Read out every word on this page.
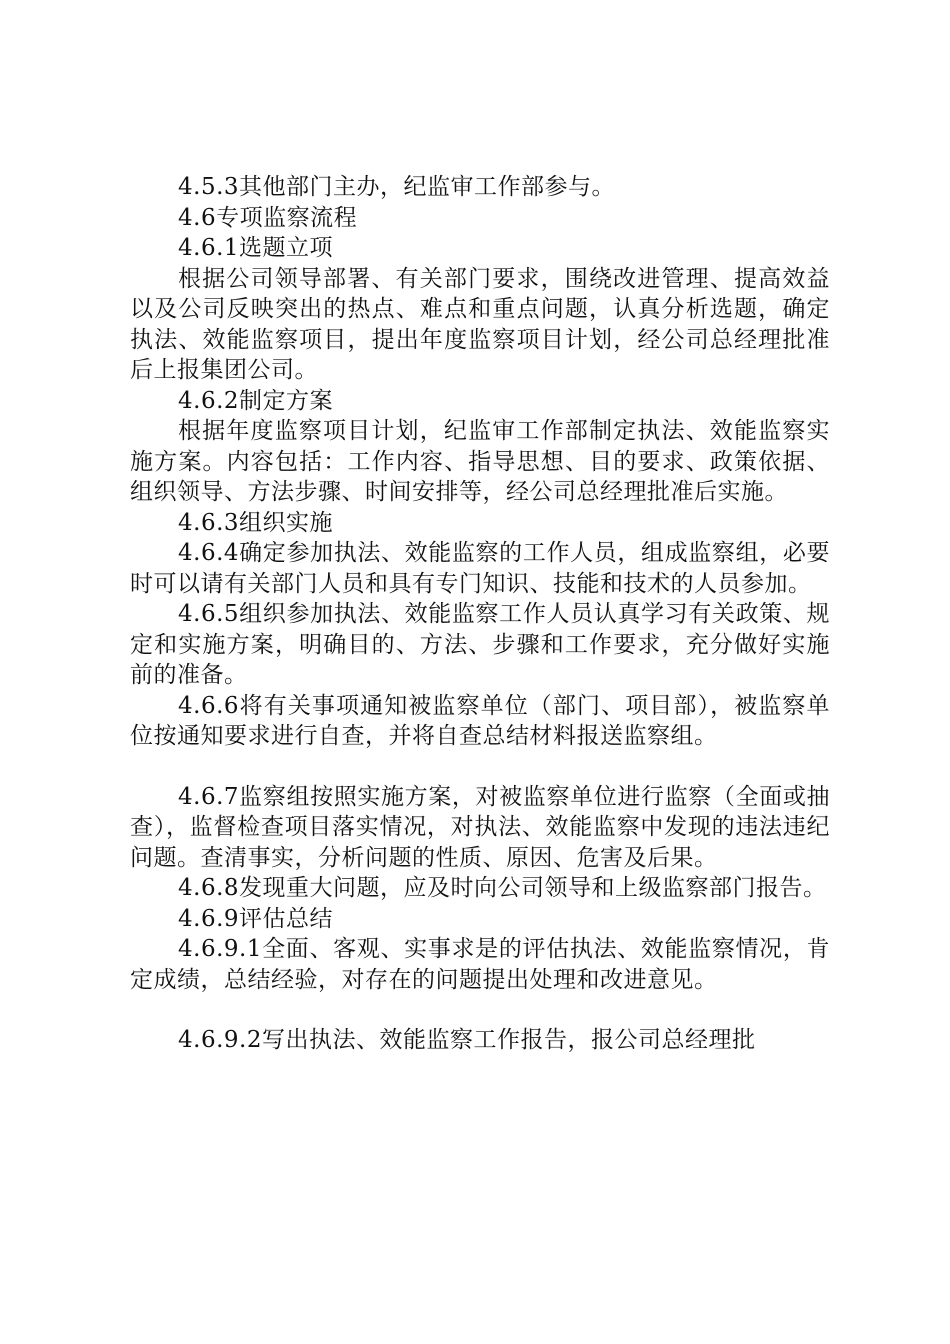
4.5.3其他部门主办，纪监审工作部参与。

4.6专项监察流程

4.6.1选题立项

根据公司领导部署、有关部门要求，围绕改进管理、提高效益以及公司反映突出的热点、难点和重点问题，认真分析选题，确定执法、效能监察项目，提出年度监察项目计划，经公司总经理批准后上报集团公司。

4.6.2制定方案

根据年度监察项目计划，纪监审工作部制定执法、效能监察实施方案。内容包括：工作内容、指导思想、目的要求、政策依据、组织领导、方法步骤、时间安排等，经公司总经理批准后实施。

4.6.3组织实施

4.6.4确定参加执法、效能监察的工作人员，组成监察组，必要时可以请有关部门人员和具有专门知识、技能和技术的人员参加。

4.6.5组织参加执法、效能监察工作人员认真学习有关政策、规定和实施方案，明确目的、方法、步骤和工作要求，充分做好实施前的准备。

4.6.6将有关事项通知被监察单位（部门、项目部），被监察单位按通知要求进行自查，并将自查总结材料报送监察组。

4.6.7监察组按照实施方案，对被监察单位进行监察（全面或抽查），监督检查项目落实情况，对执法、效能监察中发现的违法违纪问题。查清事实，分析问题的性质、原因、危害及后果。

4.6.8发现重大问题，应及时向公司领导和上级监察部门报告。

4.6.9评估总结

4.6.9.1全面、客观、实事求是的评估执法、效能监察情况，肯定成绩，总结经验，对存在的问题提出处理和改进意见。

4.6.9.2写出执法、效能监察工作报告，报公司总经理批
